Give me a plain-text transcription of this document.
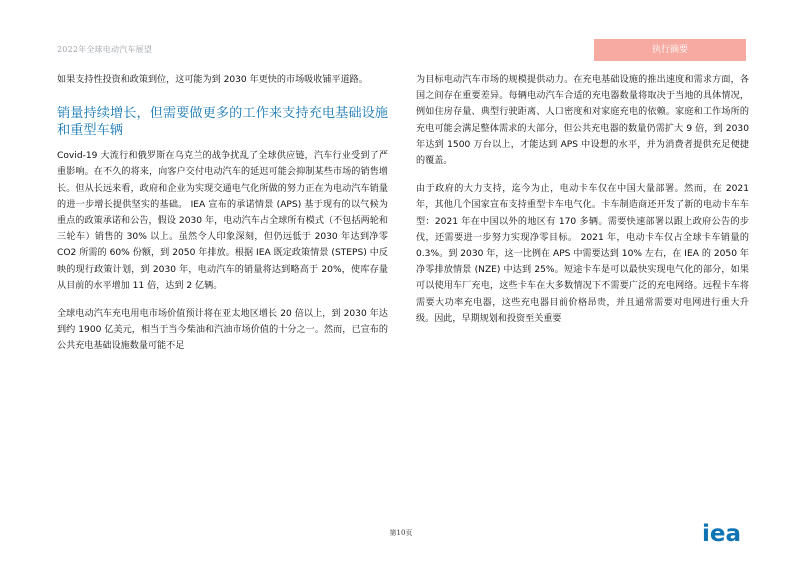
2022年全球电动汽车展望	执行摘要

如果支持性投资和政策到位，这可能为到 2030 年更快的市场吸收铺平道路。

销量持续增长，但需要做更多的工作来支持充电基础设施和重型车辆

Covid-19 大流行和俄罗斯在乌克兰的战争扰乱了全球供应链，汽车行业受到了严重影响。在不久的将来，向客户交付电动汽车的延迟可能会抑制某些市场的销售增长。但从长远来看，政府和企业为实现交通电气化所做的努力正在为电动汽车销量的进一步增长提供坚实的基础。 IEA 宣布的承诺情景 (APS) 基于现有的以气候为重点的政策承诺和公告，假设 2030 年，电动汽车占全球所有模式（不包括两轮和三轮车）销售的 30% 以上。虽然令人印象深刻，但仍远低于 2030 年达到净零 CO2 所需的 60% 份额，到 2050 年排放。根据 IEA 既定政策情景 (STEPS) 中反映的现行政策计划，到 2030 年，电动汽车的销量将达到略高于 20%，使库存量从目前的水平增加 11 倍，达到 2 亿辆。

全球电动汽车充电用电市场价值预计将在亚太地区增长 20 倍以上，到 2030 年达到约 1900 亿美元，相当于当今柴油和汽油市场价值的十分之一。然而，已宣布的公共充电基础设施数量可能不足

为目标电动汽车市场的规模提供动力。在充电基础设施的推出速度和需求方面，各国之间存在重要差异。每辆电动汽车合适的充电器数量将取决于当地的具体情况，例如住房存量、典型行驶距离、人口密度和对家庭充电的依赖。家庭和工作场所的充电可能会满足整体需求的大部分，但公共充电器的数量仍需扩大 9 倍，到 2030 年达到 1500 万台以上，才能达到 APS 中设想的水平，并为消费者提供充足便捷的覆盖。

由于政府的大力支持，迄今为止，电动卡车仅在中国大量部署。然而，在 2021 年，其他几个国家宣布支持重型卡车电气化。卡车制造商还开发了新的电动卡车车型：2021 年在中国以外的地区有 170 多辆。需要快速部署以跟上政府公告的步伐，还需要进一步努力实现净零目标。 2021 年，电动卡车仅占全球卡车销量的 0.3%。到 2030 年，这一比例在 APS 中需要达到 10% 左右，在 IEA 的 2050 年净零排放情景 (NZE) 中达到 25%。短途卡车是可以最快实现电气化的部分，如果可以使用车厂充电，这些卡车在大多数情况下不需要广泛的充电网络。远程卡车将需要大功率充电器，这些充电器目前价格昂贵，并且通常需要对电网进行重大升级。因此，早期规划和投资至关重要

第10页	iea
